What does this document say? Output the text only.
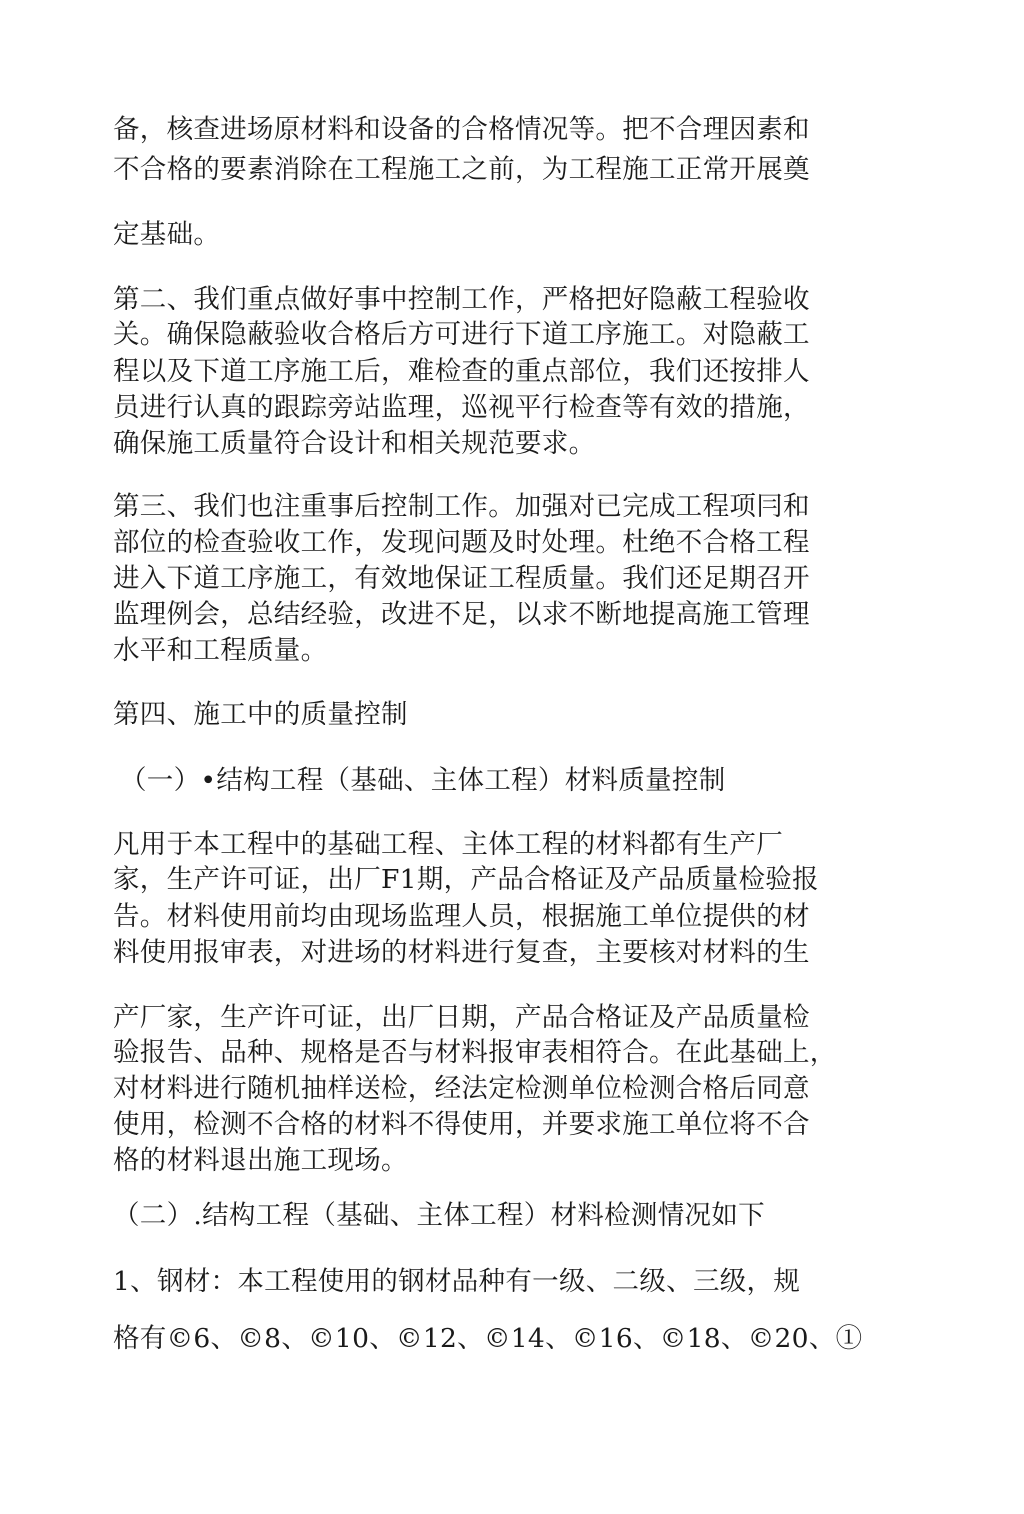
备，核查进场原材料和设备的合格情况等。把不合理因素和
不合格的要素消除在工程施工之前，为工程施工正常开展奠
定基础。
第二、我们重点做好事中控制工作，严格把好隐蔽工程验收
关。确保隐蔽验收合格后方可进行下道工序施工。对隐蔽工
程以及下道工序施工后，难检查的重点部位，我们还按排人
员进行认真的跟踪旁站监理，巡视平行检查等有效的措施，
确保施工质量符合设计和相关规范要求。
第三、我们也注重事后控制工作。加强对已完成工程项冃和
部位的检查验收工作，发现问题及时处理。杜绝不合格工程
进入下道工序施工，有效地保证工程质量。我们还足期召开
监理例会，总结经验，改进不足，以求不断地提高施工管理
水平和工程质量。
第四、施工中的质量控制
（一）•结构工程（基础、主体工程）材料质量控制
凡用于本工程中的基础工程、主体工程的材料都有生产厂
家，生产许可证，出厂F1期，产品合格证及产品质量检验报
告。材料使用前均由现场监理人员，根据施工单位提供的材
料使用报审表，对进场的材料进行复查，主要核对材料的生
产厂家，生产许可证，出厂日期，产品合格证及产品质量检
验报告、品种、规格是否与材料报审表相符合。在此基础上，
对材料进行随机抽样送检，经法定检测单位检测合格后同意
使用，检测不合格的材料不得使用，并要求施工单位将不合
格的材料退出施工现场。
（二）.结构工程（基础、主体工程）材料检测情况如下
1、钢材：本工程使用的钢材品种有一级、二级、三级，规
格有©6、©8、©10、©12、©14、©16、©18、©20、①
